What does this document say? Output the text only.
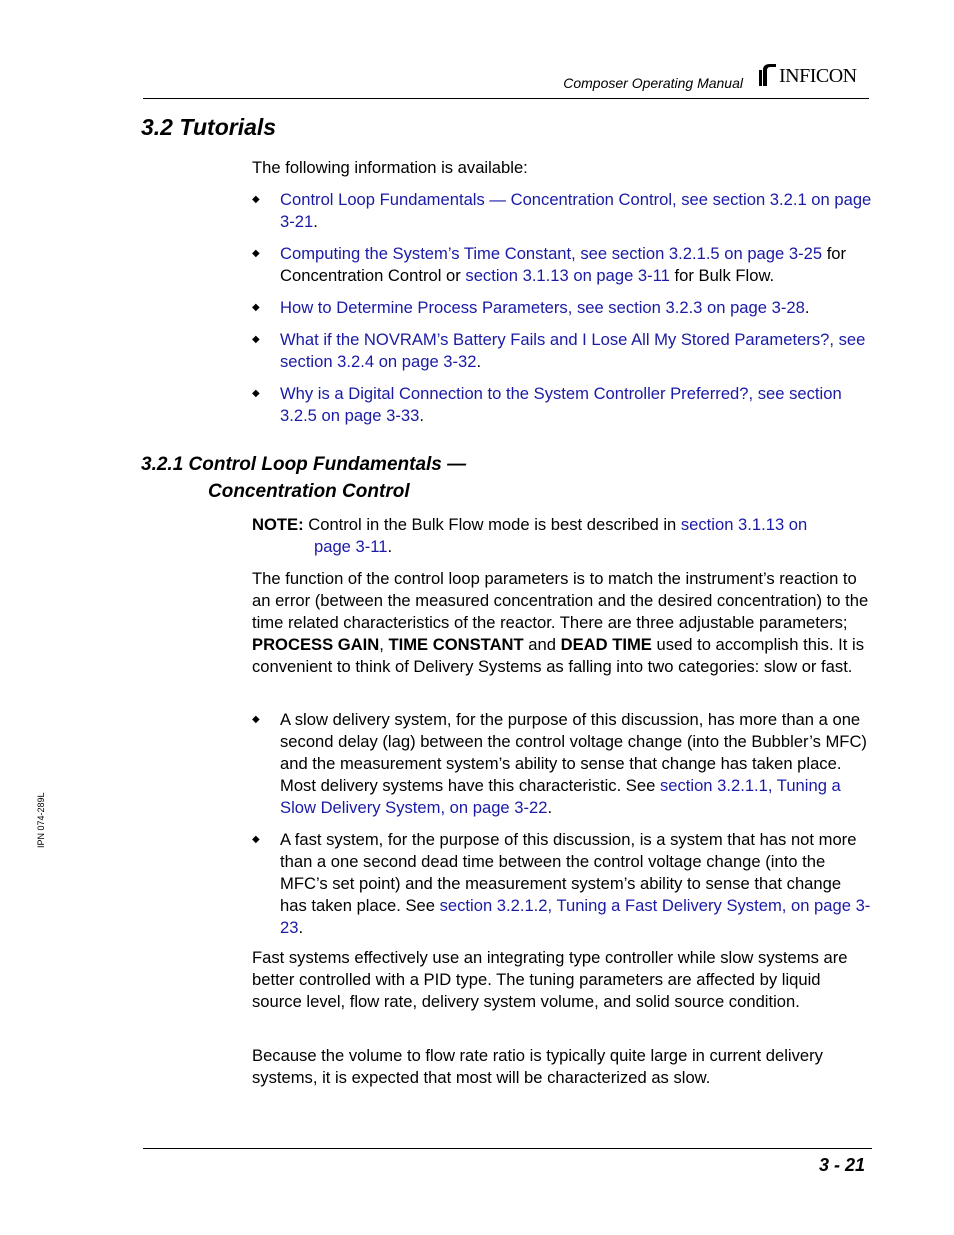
Composer Operating Manual INFICON
3.2 Tutorials

The following information is available:

◆ Control Loop Fundamentals — Concentration Control, see section 3.2.1 on page 3-21.
◆ Computing the System’s Time Constant, see section 3.2.1.5 on page 3-25 for Concentration Control or section 3.1.13 on page 3-11 for Bulk Flow.
◆ How to Determine Process Parameters, see section 3.2.3 on page 3-28.
◆ What if the NOVRAM’s Battery Fails and I Lose All My Stored Parameters?, see section 3.2.4 on page 3-32.
◆ Why is a Digital Connection to the System Controller Preferred?, see section 3.2.5 on page 3-33.
3.2.1 Control Loop Fundamentals —
Concentration Control

NOTE: Control in the Bulk Flow mode is best described in section 3.1.13 on
page 3-11.

The function of the control loop parameters is to match the instrument’s reaction to an error (between the measured concentration and the desired concentration) to the time related characteristics of the reactor. There are three adjustable parameters; PROCESS GAIN, TIME CONSTANT and DEAD TIME used to accomplish this. It is convenient to think of Delivery Systems as falling into two categories: slow or fast.

◆ A slow delivery system, for the purpose of this discussion, has more than a one second delay (lag) between the control voltage change (into the Bubbler’s MFC) and the measurement system’s ability to sense that change has taken place. Most delivery systems have this characteristic. See section 3.2.1.1, Tuning a Slow Delivery System, on page 3-22.
◆ A fast system, for the purpose of this discussion, is a system that has not more than a one second dead time between the control voltage change (into the MFC’s set point) and the measurement system’s ability to sense that change has taken place. See section 3.2.1.2, Tuning a Fast Delivery System, on page 3-23.

Fast systems effectively use an integrating type controller while slow systems are better controlled with a PID type. The tuning parameters are affected by liquid source level, flow rate, delivery system volume, and solid source condition.

Because the volume to flow rate ratio is typically quite large in current delivery systems, it is expected that most will be characterized as slow.

IPN 074-289L
3 - 21
